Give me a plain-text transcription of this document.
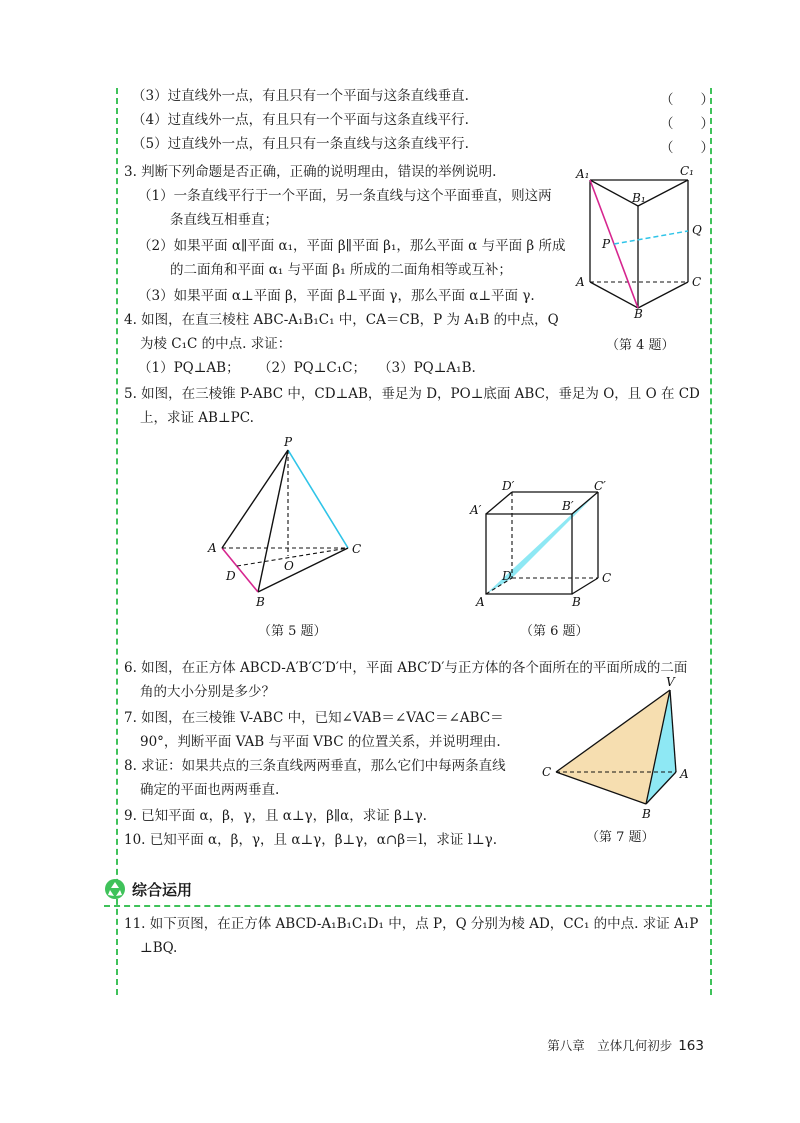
（3）过直线外一点，有且只有一个平面与这条直线垂直.	（　　）
（4）过直线外一点，有且只有一个平面与这条直线平行.	（　　）
（5）过直线外一点，有且只有一条直线与这条直线平行.	（　　）
3. 判断下列命题是否正确，正确的说明理由，错误的举例说明.
（1）一条直线平行于一个平面，另一条直线与这个平面垂直，则这两
条直线互相垂直；
（2）如果平面 α∥平面 α₁，平面 β∥平面 β₁，那么平面 α 与平面 β 所成
的二面角和平面 α₁ 与平面 β₁ 所成的二面角相等或互补；
（3）如果平面 α⊥平面 β，平面 β⊥平面 γ，那么平面 α⊥平面 γ.
4. 如图，在直三棱柱 ABC-A₁B₁C₁ 中，CA＝CB，P 为 A₁B 的中点，Q
为棱 C₁C 的中点. 求证：
（1）PQ⊥AB； （2）PQ⊥C₁C； （3）PQ⊥A₁B.
A₁	C₁
B₁
P
Q
A	C
B
（第 4 题）
5. 如图，在三棱锥 P-ABC 中，CD⊥AB，垂足为 D，PO⊥底面 ABC，垂足为 O，且 O 在 CD
上，求证 AB⊥PC.
P
A	C
D
O
B
（第 5 题）
D′	C′
A′	B′
D	C
A	B
（第 6 题）
6. 如图，在正方体 ABCD-A′B′C′D′中，平面 ABC′D′与正方体的各个面所在的平面所成的二面
角的大小分别是多少？
7. 如图，在三棱锥 V-ABC 中，已知∠VAB＝∠VAC＝∠ABC＝
90°，判断平面 VAB 与平面 VBC 的位置关系，并说明理由.
8. 求证：如果共点的三条直线两两垂直，那么它们中每两条直线
确定的平面也两两垂直.
9. 已知平面 α，β，γ，且 α⊥γ，β∥α，求证 β⊥γ.
10. 已知平面 α，β，γ，且 α⊥γ，β⊥γ，α∩β＝l，求证 l⊥γ.
V
C	A
B
（第 7 题）
综合运用
11. 如下页图，在正方体 ABCD-A₁B₁C₁D₁ 中，点 P，Q 分别为棱 AD，CC₁ 的中点. 求证 A₁P
⊥BQ.
第八章　立体几何初步 163
